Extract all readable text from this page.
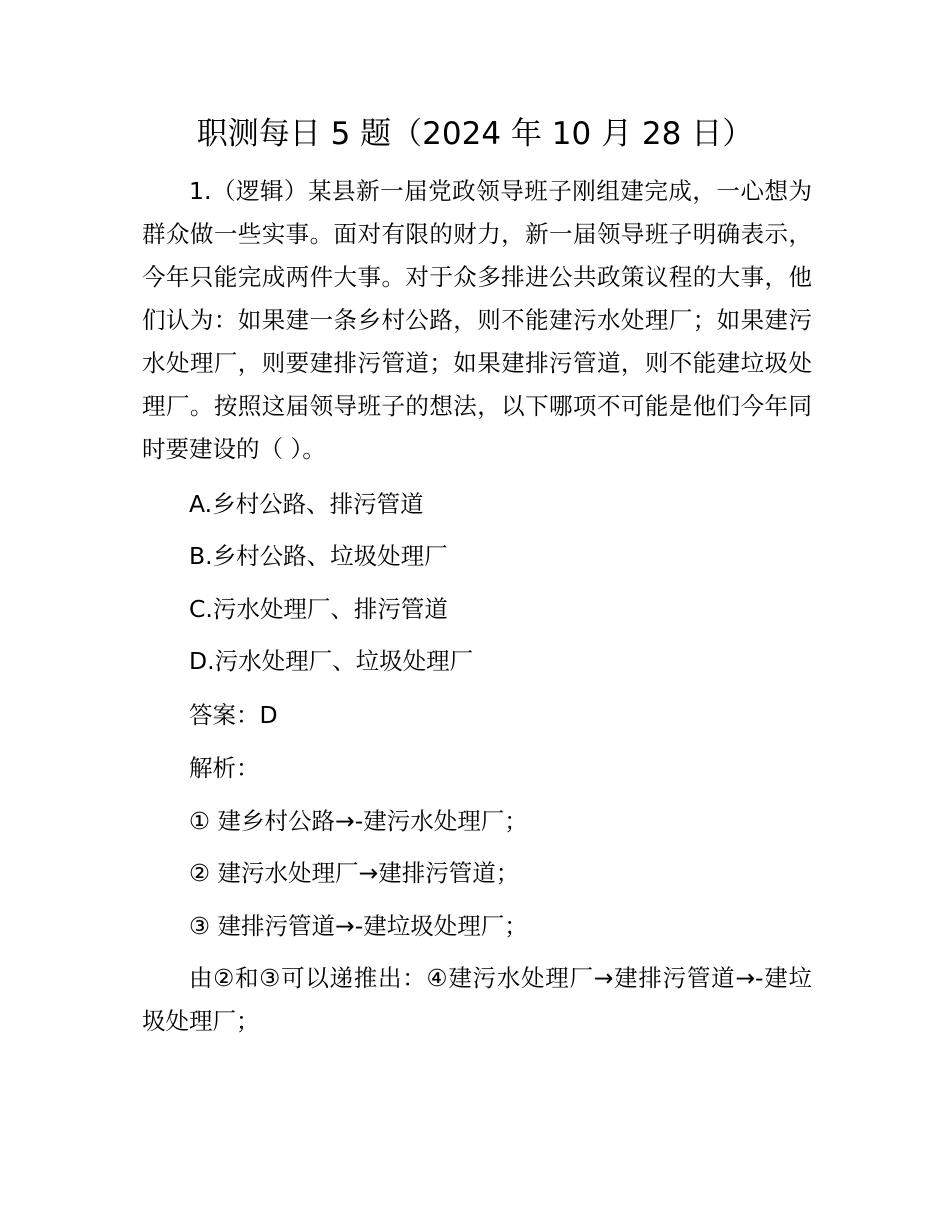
职测每日 5 题（2024 年 10 月 28 日）

1.（逻辑）某县新一届党政领导班子刚组建完成，一心想为群众做一些实事。面对有限的财力，新一届领导班子明确表示，今年只能完成两件大事。对于众多排进公共政策议程的大事，他们认为：如果建一条乡村公路，则不能建污水处理厂；如果建污水处理厂，则要建排污管道；如果建排污管道，则不能建垃圾处理厂。按照这届领导班子的想法，以下哪项不可能是他们今年同时要建设的（ ）。

A.乡村公路、排污管道

B.乡村公路、垃圾处理厂

C.污水处理厂、排污管道

D.污水处理厂、垃圾处理厂

答案：D

解析：

① 建乡村公路→-建污水处理厂；

② 建污水处理厂→建排污管道；

③ 建排污管道→-建垃圾处理厂；

由②和③可以递推出：④建污水处理厂→建排污管道→-建垃圾处理厂；
